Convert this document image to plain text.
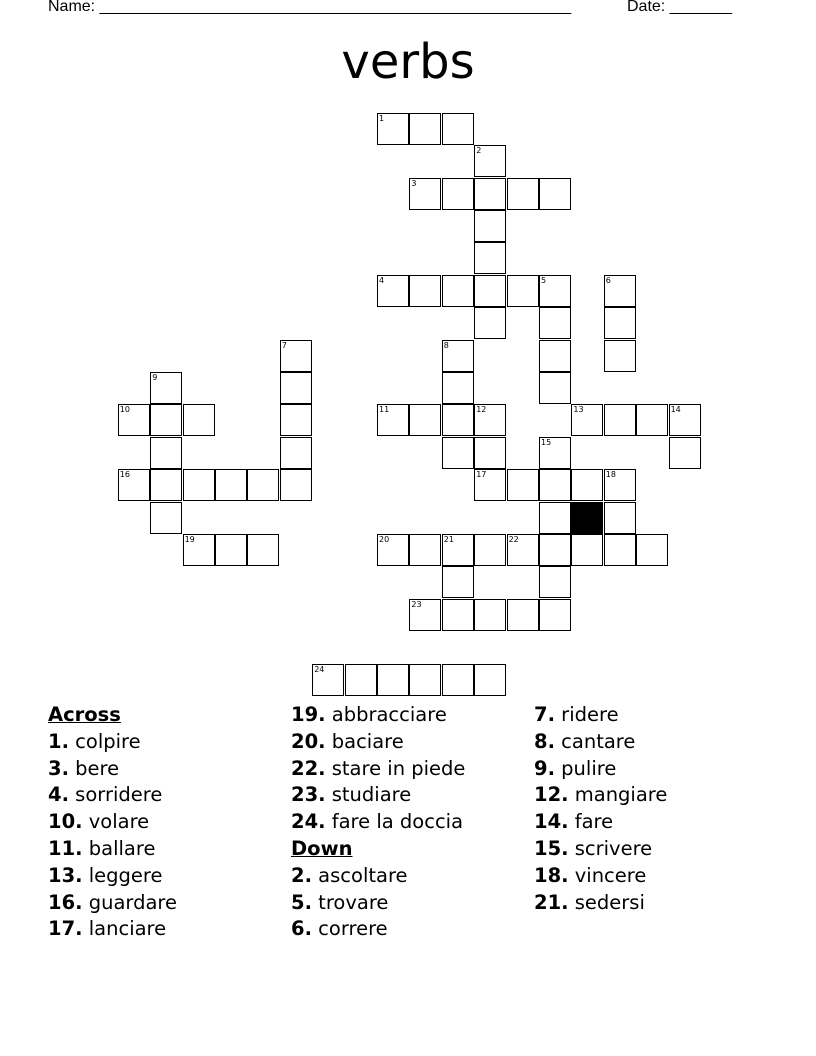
Name: _____________________________________________________	Date: _______
verbs
1
2
3
4	5	6
7	8
9
10	11	12	13	14
15
16	17	18
19	20	21	22
23
24
Across
1. colpire
3. bere
4. sorridere
10. volare
11. ballare
13. leggere
16. guardare
17. lanciare
19. abbracciare
20. baciare
22. stare in piede
23. studiare
24. fare la doccia
Down
2. ascoltare
5. trovare
6. correre
7. ridere
8. cantare
9. pulire
12. mangiare
14. fare
15. scrivere
18. vincere
21. sedersi
